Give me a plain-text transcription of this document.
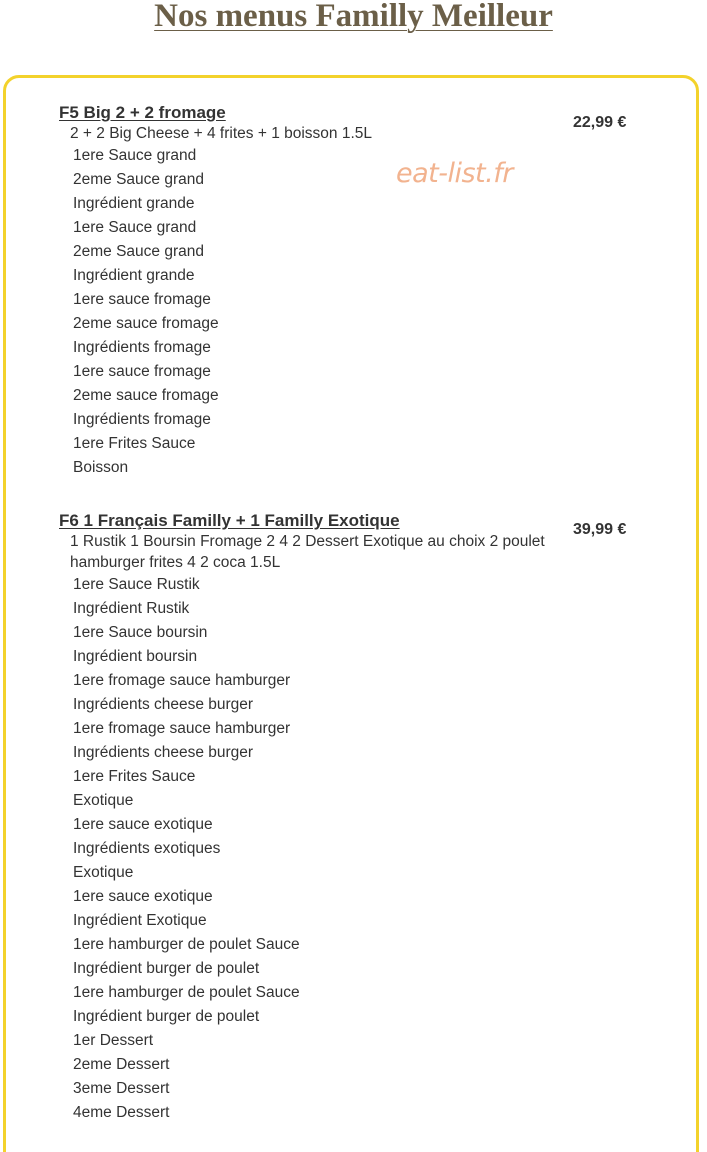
Nos menus Familly Meilleur

F5 Big 2 + 2 fromage

2 + 2 Big Cheese + 4 frites + 1 boisson 1.5L

22,99 €
1ere Sauce grand
2eme Sauce grand
Ingrédient grande
1ere Sauce grand
2eme Sauce grand
Ingrédient grande
1ere sauce fromage
2eme sauce fromage
Ingrédients fromage
1ere sauce fromage
2eme sauce fromage
Ingrédients fromage
1ere Frites Sauce
Boisson

F6 1 Français Familly + 1 Familly Exotique

1 Rustik 1 Boursin Fromage 2 4 2 Dessert Exotique au choix 2 poulet hamburger frites 4 2 coca 1.5L

39,99 €
1ere Sauce Rustik
Ingrédient Rustik
1ere Sauce boursin
Ingrédient boursin
1ere fromage sauce hamburger
Ingrédients cheese burger
1ere fromage sauce hamburger
Ingrédients cheese burger
1ere Frites Sauce
Exotique
1ere sauce exotique
Ingrédients exotiques
Exotique
1ere sauce exotique
Ingrédient Exotique
1ere hamburger de poulet Sauce
Ingrédient burger de poulet
1ere hamburger de poulet Sauce
Ingrédient burger de poulet
1er Dessert
2eme Dessert
3eme Dessert
4eme Dessert
eat-list.fr
